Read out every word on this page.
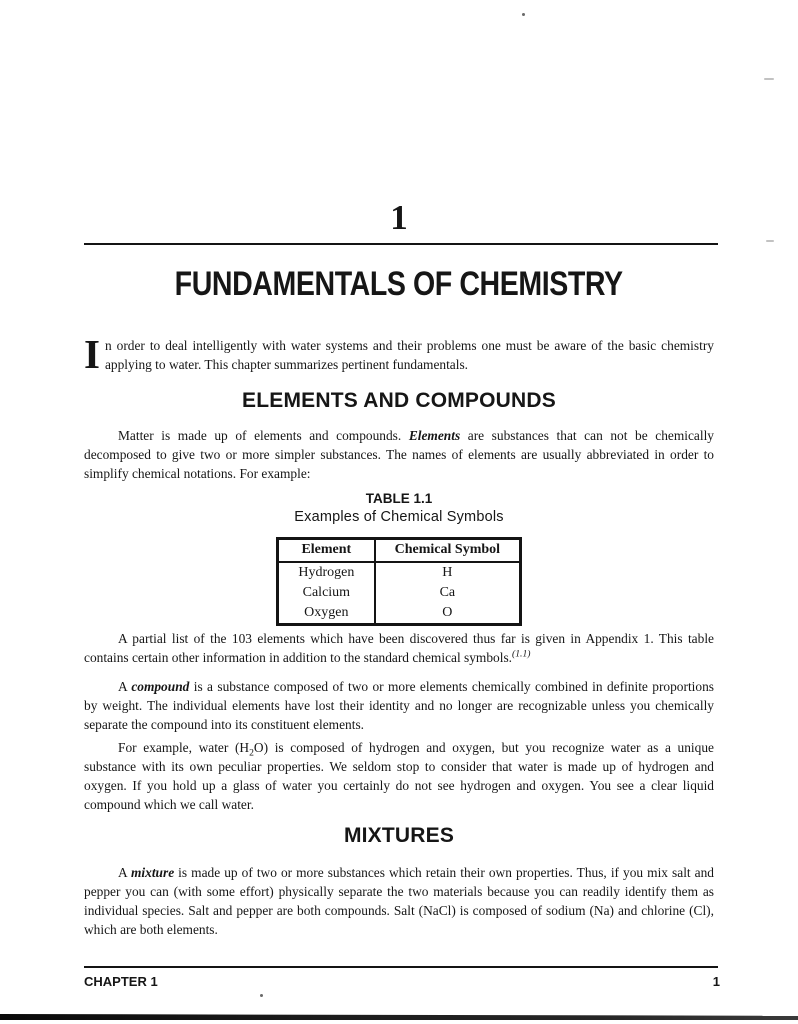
1
FUNDAMENTALS OF CHEMISTRY
In order to deal intelligently with water systems and their problems one must be aware of the basic chemistry applying to water. This chapter summarizes pertinent fundamentals.
ELEMENTS AND COMPOUNDS
Matter is made up of elements and compounds. Elements are substances that can not be chemically decomposed to give two or more simpler substances. The names of elements are usually abbreviated in order to simplify chemical notations. For example:
TABLE 1.1
Examples of Chemical Symbols
Element	Chemical Symbol
Hydrogen	H
Calcium	Ca
Oxygen	O
A partial list of the 103 elements which have been discovered thus far is given in Appendix 1. This table contains certain other information in addition to the standard chemical symbols.$^{(1.1)}$
A compound is a substance composed of two or more elements chemically combined in definite proportions by weight. The individual elements have lost their identity and no longer are recognizable unless you chemically separate the compound into its constituent elements.
For example, water $(H_2O)$ is composed of hydrogen and oxygen, but you recognize water as a unique substance with its own peculiar properties. We seldom stop to consider that water is made up of hydrogen and oxygen. If you hold up a glass of water you certainly do not see hydrogen and oxygen. You see a clear liquid compound which we call water.
MIXTURES
A mixture is made up of two or more substances which retain their own properties. Thus, if you mix salt and pepper you can (with some effort) physically separate the two materials because you can readily identify them as individual species. Salt and pepper are both compounds. Salt (NaCl) is composed of sodium (Na) and chlorine (Cl), which are both elements.
CHAPTER 1	1
